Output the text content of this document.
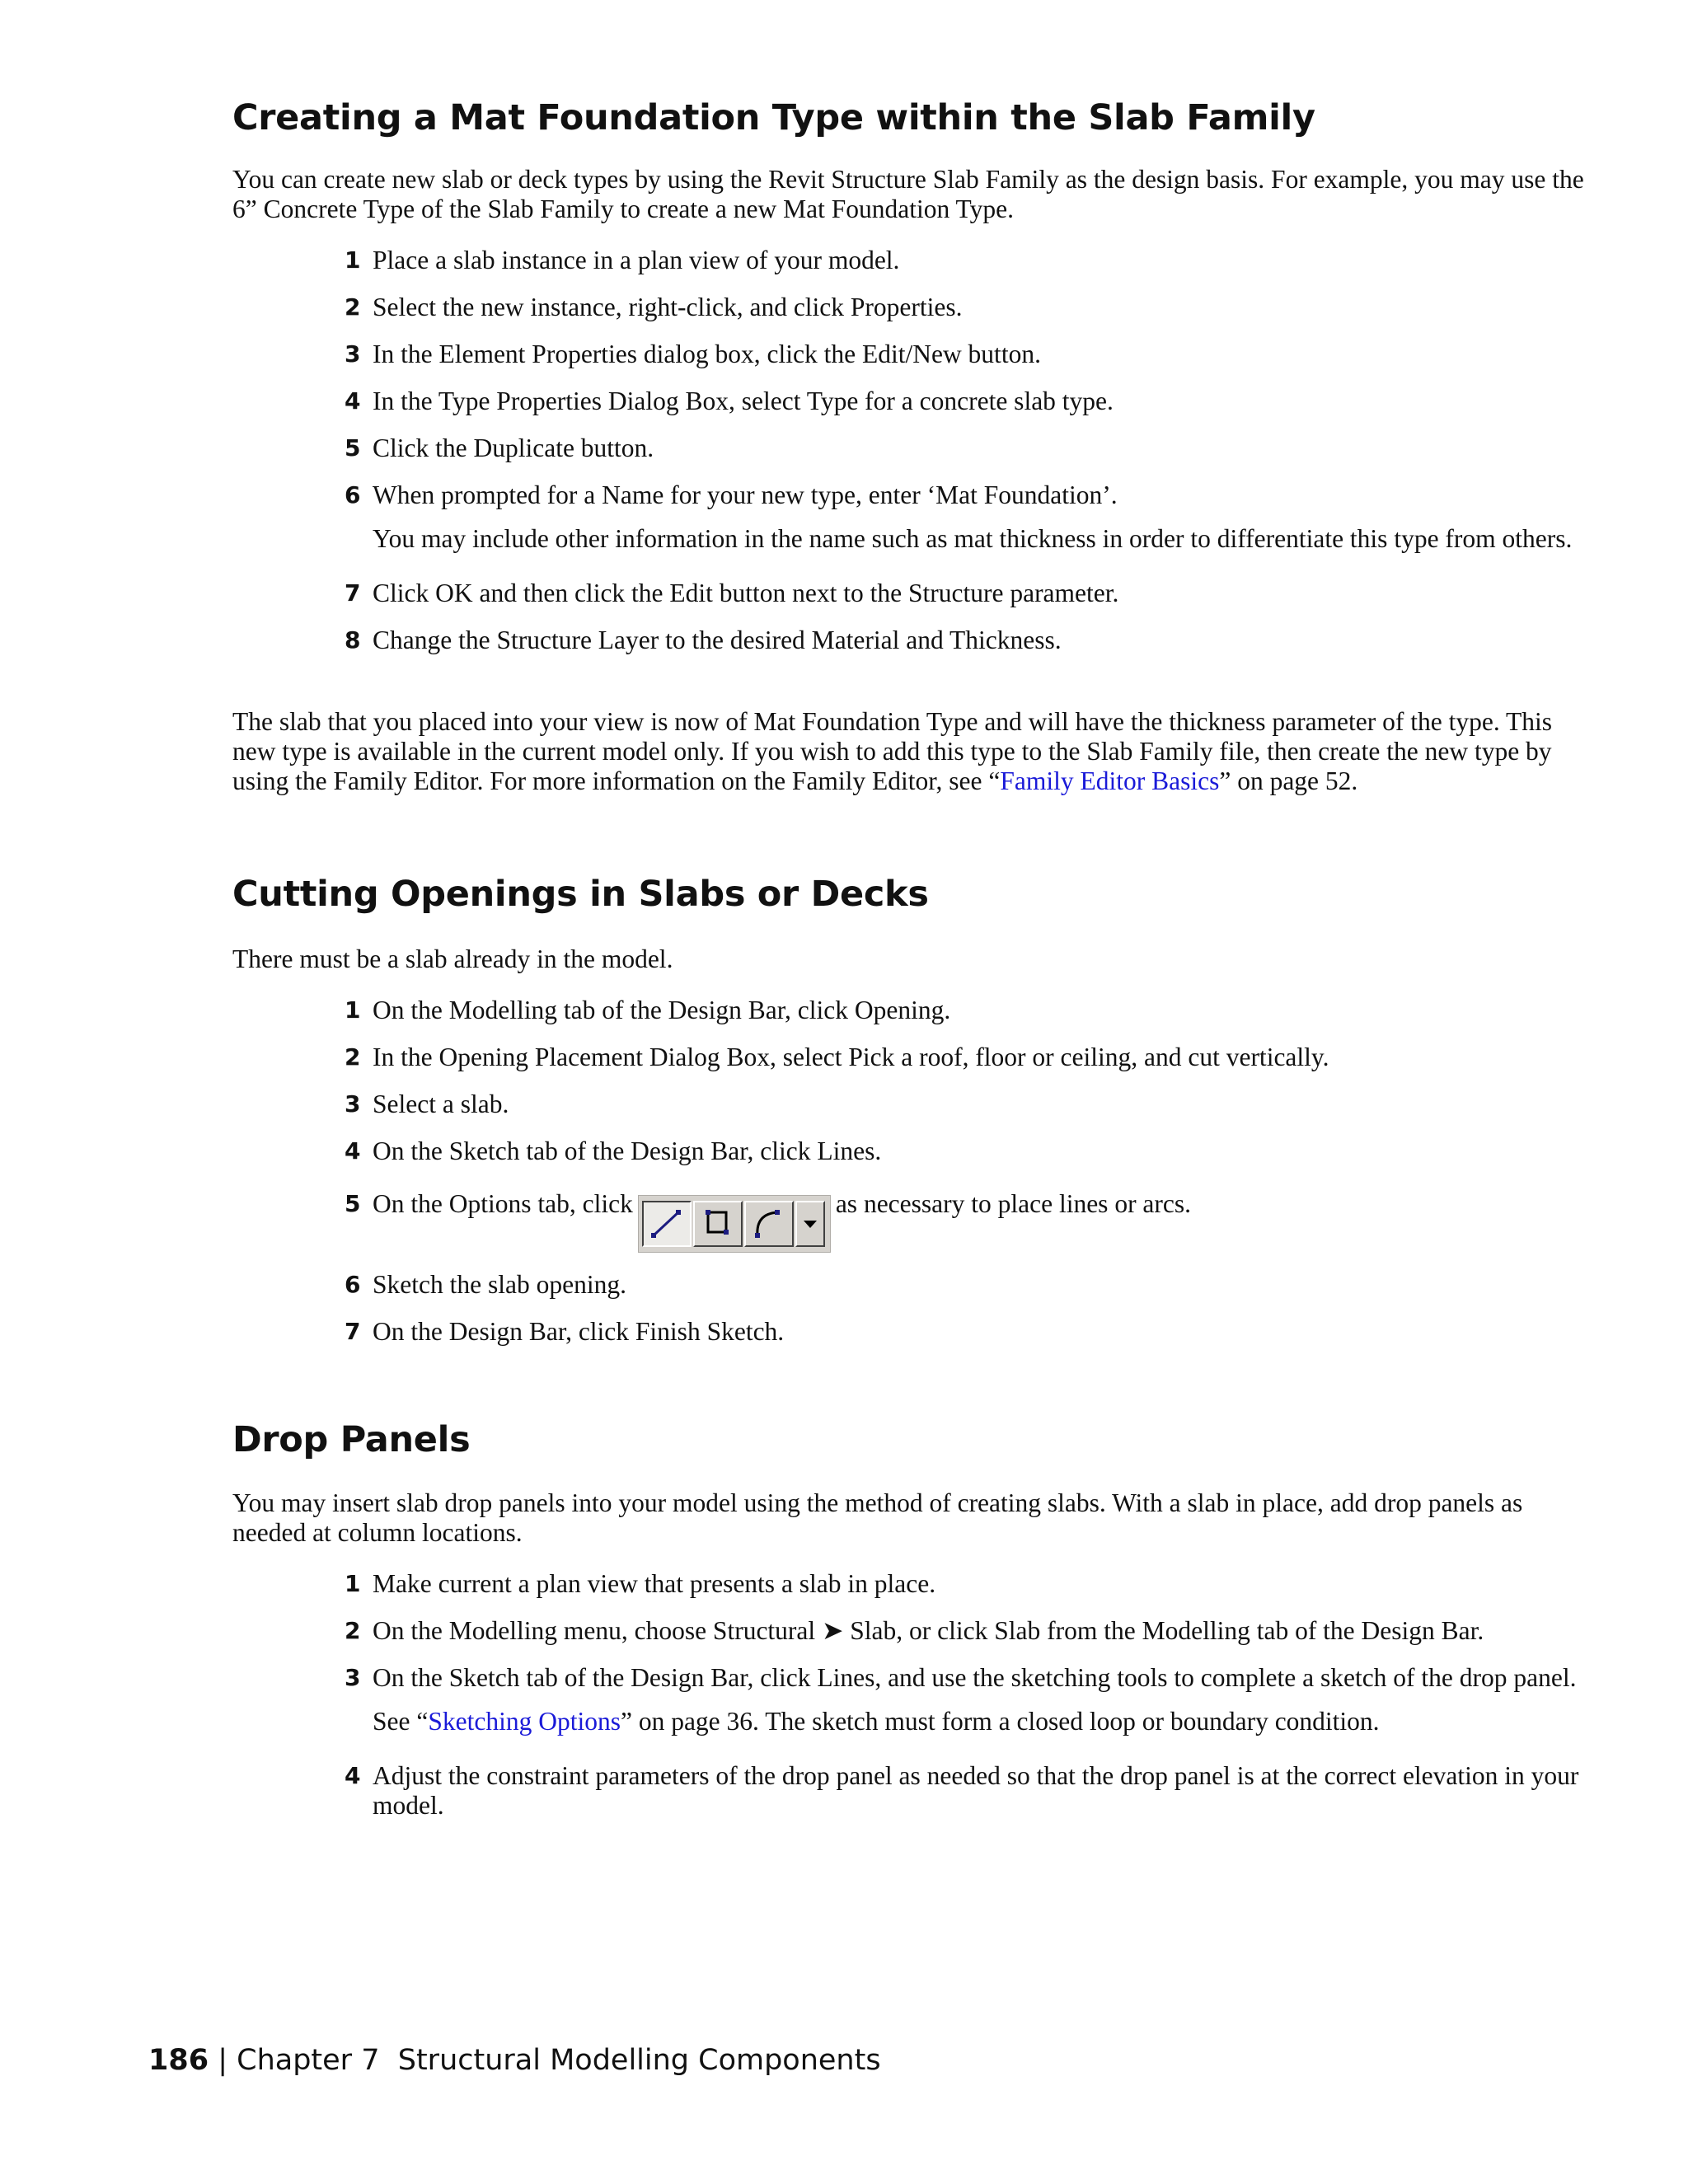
Creating a Mat Foundation Type within the Slab Family

You can create new slab or deck types by using the Revit Structure Slab Family as the design basis. For example, you may use the 6” Concrete Type of the Slab Family to create a new Mat Foundation Type.

1 Place a slab instance in a plan view of your model.
2 Select the new instance, right-click, and click Properties.
3 In the Element Properties dialog box, click the Edit/New button.
4 In the Type Properties Dialog Box, select Type for a concrete slab type.
5 Click the Duplicate button.
6 When prompted for a Name for your new type, enter ‘Mat Foundation’.
You may include other information in the name such as mat thickness in order to differentiate this type from others.
7 Click OK and then click the Edit button next to the Structure parameter.
8 Change the Structure Layer to the desired Material and Thickness.

The slab that you placed into your view is now of Mat Foundation Type and will have the thickness parameter of the type. This new type is available in the current model only. If you wish to add this type to the Slab Family file, then create the new type by using the Family Editor. For more information on the Family Editor, see “Family Editor Basics” on page 52.

Cutting Openings in Slabs or Decks

There must be a slab already in the model.

1 On the Modelling tab of the Design Bar, click Opening.
2 In the Opening Placement Dialog Box, select Pick a roof, floor or ceiling, and cut vertically.
3 Select a slab.
4 On the Sketch tab of the Design Bar, click Lines.
5 On the Options tab, click	as necessary to place lines or arcs.
6 Sketch the slab opening.
7 On the Design Bar, click Finish Sketch.
Drop Panels

You may insert slab drop panels into your model using the method of creating slabs. With a slab in place, add drop panels as needed at column locations.

1 Make current a plan view that presents a slab in place.
2 On the Modelling menu, choose Structural ➤ Slab, or click Slab from the Modelling tab of the Design Bar.
3 On the Sketch tab of the Design Bar, click Lines, and use the sketching tools to complete a sketch of the drop panel.
See “Sketching Options” on page 36. The sketch must form a closed loop or boundary condition.
4 Adjust the constraint parameters of the drop panel as needed so that the drop panel is at the correct elevation in your model.
186 | Chapter 7 Structural Modelling Components
